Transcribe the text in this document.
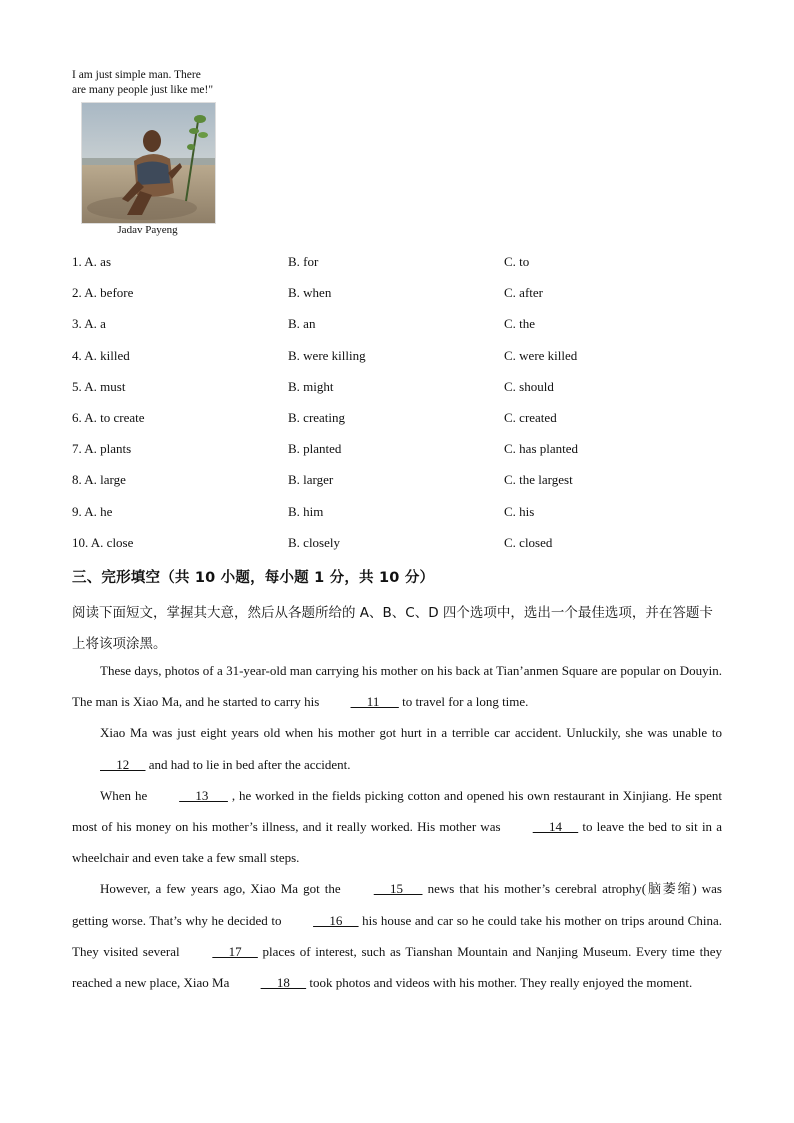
I am just simple man. There
are many people just like me!"
Jadav Payeng
1. A. as	B. for	C. to
2. A. before	B. when	C. after
3. A. a	B. an	C. the
4. A. killed	B. were killing	C. were killed
5. A. must	B. might	C. should
6. A. to create	B. creating	C. created
7. A. plants	B. planted	C. has planted
8. A. large	B. larger	C. the largest
9. A. he	B. him	C. his
10. A. close	B. closely	C. closed
三、完形填空（共 10 小题，每小题 1 分，共 10 分）
阅读下面短文，掌握其大意，然后从各题所给的 A、B、C、D 四个选项中，选出一个最佳选项，并在答题卡上将该项涂黑。

These days, photos of a 31-year-old man carrying his mother on his back at Tian’anmen Square are popular on Douyin. The man is Xiao Ma, and he started to carry his      11       to travel for a long time.

Xiao Ma was just eight years old when his mother got hurt in a terrible car accident. Unluckily, she was unable to      12      and had to lie in bed after the accident.

When he      13       , he worked in the fields picking cotton and opened his own restaurant in Xinjiang. He spent most of his money on his mother’s illness, and it really worked. His mother was      14      to leave the bed to sit in a wheelchair and even take a few small steps.

However, a few years ago, Xiao Ma got the      15       news that his mother’s cerebral atrophy(脑萎缩) was getting worse. That’s why he decided to      16      his house and car so he could take his mother on trips around China. They visited several      17      places of interest, such as Tianshan Mountain and Nanjing Museum. Every time they reached a new place, Xiao Ma      18      took photos and videos with his mother. They really enjoyed the moment.
